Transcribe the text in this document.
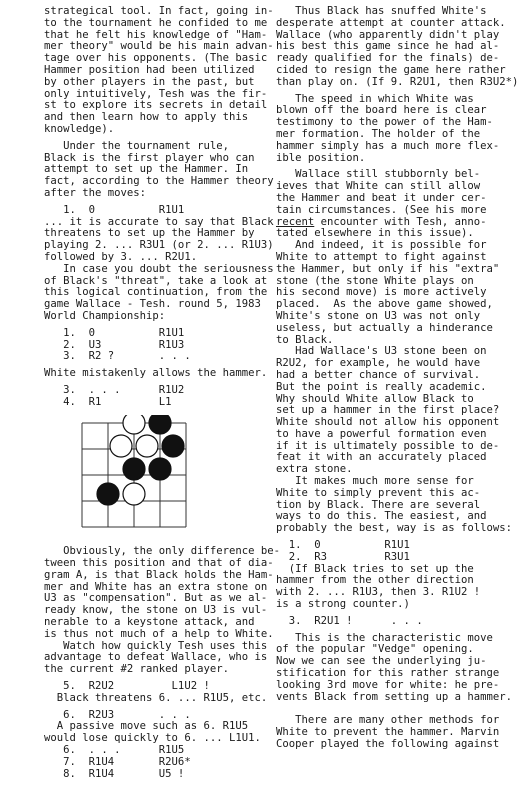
strategical tool. In fact, going in-

to the tournament he confided to me

that he felt his knowledge of "Ham-

mer theory" would be his main advan-

tage over his opponents. (The basic

Hammer position had been utilized

by other players in the past, but

only intuitively, Tesh was the fir-

st to explore its secrets in detail

and then learn how to apply this

knowledge).

Under the tournament rule,

Black is the first player who can

attempt to set up the Hammer. In

fact, according to the Hammer theory

after the moves:

1.  0          R1U1

... it is accurate to say that Black

threatens to set up the Hammer by

playing 2. ... R3U1 (or 2. ... R1U3)

followed by 3. ... R2U1.

In case you doubt the seriousness

of Black's "threat", take a look at

this logical continuation, from the

game Wallace - Tesh. round 5, 1983

World Championship:

1.  0          R1U1
2.  U3         R1U3
3.  R2 ?       . . .

White mistakenly allows the hammer.

3.  . . .      R1U2
4.  R1         L1

Obviously, the only difference be-

tween this position and that of dia-

gram A, is that Black holds the Ham-

mer and White has an extra stone on

U3 as "compensation". But as we al-

ready know, the stone on U3 is vul-

nerable to a keystone attack, and

is thus not much of a help to White.

Watch how quickly Tesh uses this

advantage to defeat Wallace, who is

the current #2 ranked player.

5.  R2U2         L1U2 !

Black threatens 6. ... R1U5, etc.

6.  R2U3       . . .

A passive move such as 6. R1U5

would lose quickly to 6. ... L1U1.

6.  . . .      R1U5
7.  R1U4       R2U6*
8.  R1U4       U5 !

Thus Black has snuffed White's

desperate attempt at counter attack.

Wallace (who apparently didn't play

his best this game since he had al-

ready qualified for the finals) de-

cided to resign the game here rather

than play on. (If 9. R2U1, then R3U2*)

The speed in which White was

blown off the board here is clear

testimony to the power of the Ham-

mer formation. The holder of the

hammer simply has a much more flex-

ible position.

Wallace still stubbornly bel-

ieves that White can still allow

the Hammer and beat it under cer-

tain circumstances. (See his more

recent encounter with Tesh, anno-

tated elsewhere in this issue).

And indeed, it is possible for

White to attempt to fight against

the Hammer, but only if his "extra"

stone (the stone White plays on

his second move) is more actively

placed.  As the above game showed,

White's stone on U3 was not only

useless, but actually a hinderance

to Black.

Had Wallace's U3 stone been on

R2U2, for example, he would have

had a better chance of survival.

But the point is really academic.

Why should White allow Black to

set up a hammer in the first place?

White should not allow his opponent

to have a powerful formation even

if it is ultimately possible to de-

feat it with an accurately placed

extra stone.

It makes much more sense for

White to simply prevent this ac-

tion by Black. There are several

ways to do this. The easiest, and

probably the best, way is as follows:

1.  0          R1U1
2.  R3         R3U1

(If Black tries to set up the

hammer from the other direction

with 2. ... R1U3, then 3. R1U2 !

is a strong counter.)

3.  R2U1 !      . . .

This is the characteristic move

of the popular "Vedge" opening.

Now we can see the underlying ju-

stification for this rather strange

looking 3rd move for white: he pre-

vents Black from setting up a hammer.

There are many other methods for

White to prevent the hammer. Marvin

Cooper played the following against
